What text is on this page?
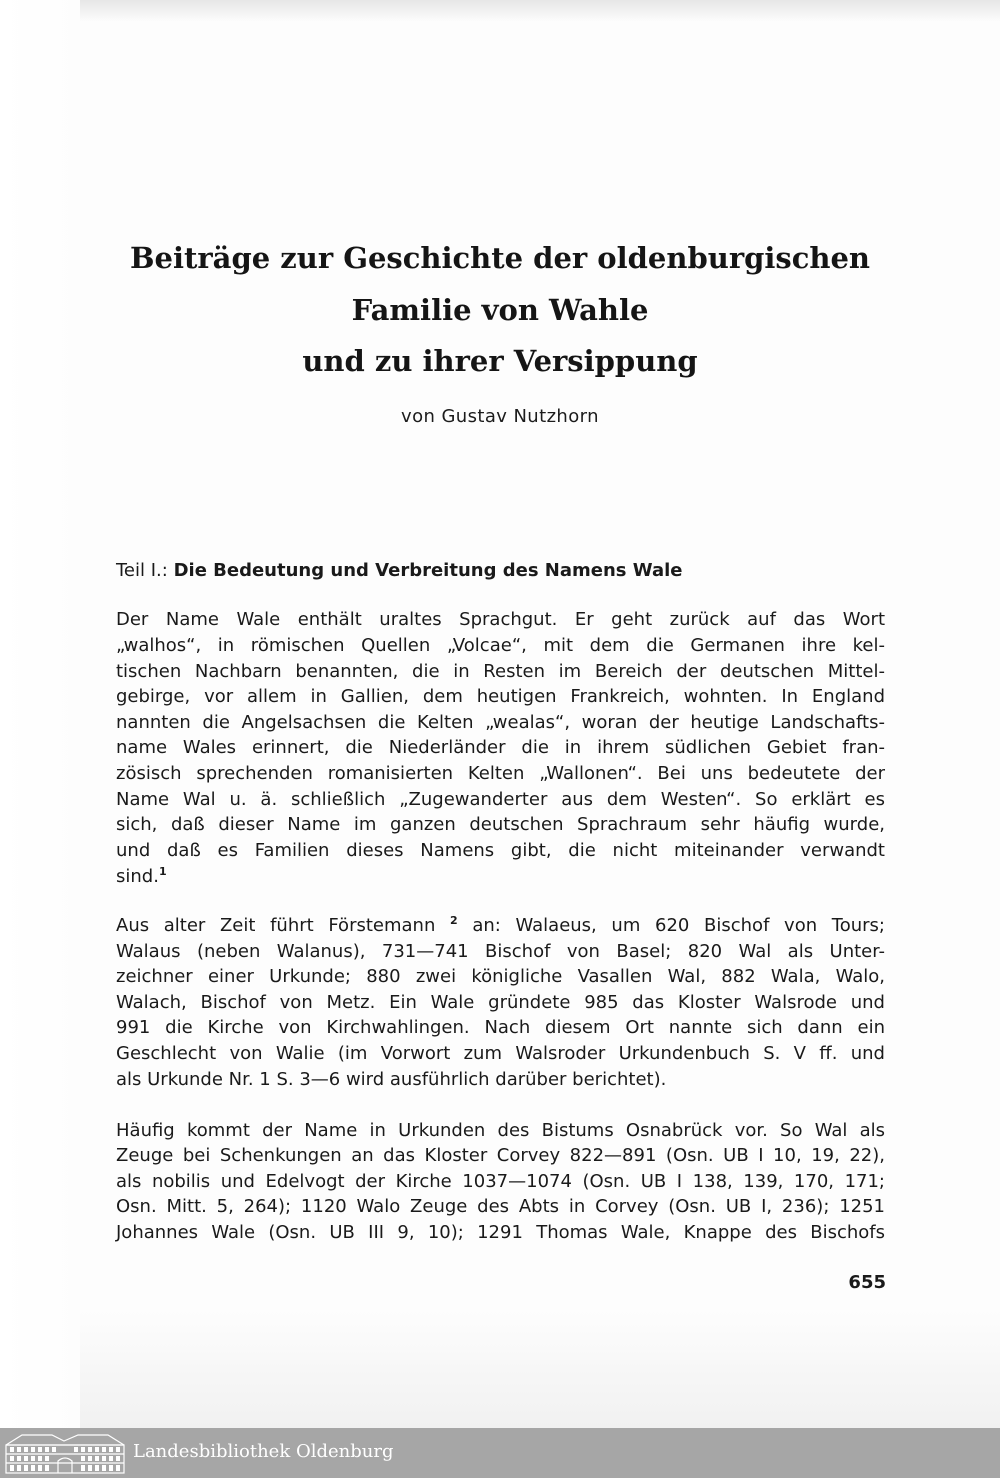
Beiträge zur Geschichte der oldenburgischen
Familie von Wahle
und zu ihrer Versippung
von Gustav Nutzhorn
Teil I.: Die Bedeutung und Verbreitung des Namens Wale
Der Name Wale enthält uraltes Sprachgut. Er geht zurück auf das Wort
„walhos“, in römischen Quellen „Volcae“, mit dem die Germanen ihre kel-
tischen Nachbarn benannten, die in Resten im Bereich der deutschen Mittel-
gebirge, vor allem in Gallien, dem heutigen Frankreich, wohnten. In England
nannten die Angelsachsen die Kelten „wealas“, woran der heutige Landschafts-
name Wales erinnert, die Niederländer die in ihrem südlichen Gebiet fran-
zösisch sprechenden romanisierten Kelten „Wallonen“. Bei uns bedeutete der
Name Wal u. ä. schließlich „Zugewanderter aus dem Westen“. So erklärt es
sich, daß dieser Name im ganzen deutschen Sprachraum sehr häufig wurde,
und daß es Familien dieses Namens gibt, die nicht miteinander verwandt
sind.$^1$
Aus alter Zeit führt Förstemann $^2$ an: Walaeus, um 620 Bischof von Tours;
Walaus (neben Walanus), 731—741 Bischof von Basel; 820 Wal als Unter-
zeichner einer Urkunde; 880 zwei königliche Vasallen Wal, 882 Wala, Walo,
Walach, Bischof von Metz. Ein Wale gründete 985 das Kloster Walsrode und
991 die Kirche von Kirchwahlingen. Nach diesem Ort nannte sich dann ein
Geschlecht von Walie (im Vorwort zum Walsroder Urkundenbuch S. V ff. und
als Urkunde Nr. 1 S. 3—6 wird ausführlich darüber berichtet).
Häufig kommt der Name in Urkunden des Bistums Osnabrück vor. So Wal als
Zeuge bei Schenkungen an das Kloster Corvey 822—891 (Osn. UB I 10, 19, 22),
als nobilis und Edelvogt der Kirche 1037—1074 (Osn. UB I 138, 139, 170, 171;
Osn. Mitt. 5, 264); 1120 Walo Zeuge des Abts in Corvey (Osn. UB I, 236); 1251
Johannes Wale (Osn. UB III 9, 10); 1291 Thomas Wale, Knappe des Bischofs
655
Landesbibliothek Oldenburg
